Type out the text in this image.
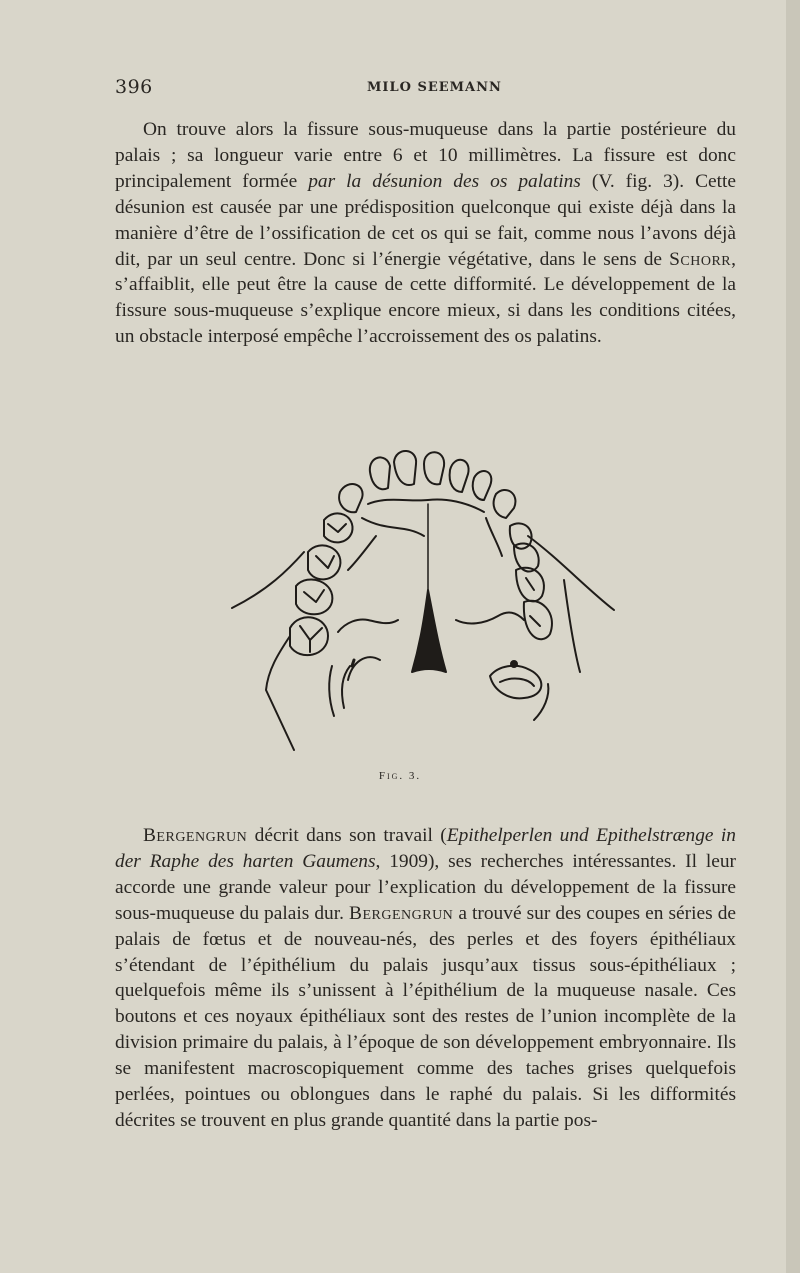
396	MILO SEEMANN

On trouve alors la fissure sous-muqueuse dans la partie postérieure du palais ; sa longueur varie entre 6 et 10 millimètres. La fissure est donc principalement formée par la désunion des os palatins (V. fig. 3). Cette désunion est causée par une prédisposition quelconque qui existe déjà dans la manière d’être de l’ossification de cet os qui se fait, comme nous l’avons déjà dit, par un seul centre. Donc si l’énergie végétative, dans le sens de Schorr, s’affaiblit, elle peut être la cause de cette difformité. Le développement de la fissure sous-muqueuse s’explique encore mieux, si dans les conditions citées, un obstacle interposé empêche l’accroissement des os palatins.

Fig. 3.

Bergengrun décrit dans son travail (Epithelperlen und Epithelstrænge in der Raphe des harten Gaumens, 1909), ses recherches intéressantes. Il leur accorde une grande valeur pour l’explication du développement de la fissure sous-muqueuse du palais dur. Bergengrun a trouvé sur des coupes en séries de palais de fœtus et de nouveau-nés, des perles et des foyers épithéliaux s’étendant de l’épithélium du palais jusqu’aux tissus sous-épithéliaux ; quelquefois même ils s’unissent à l’épithélium de la muqueuse nasale. Ces boutons et ces noyaux épithéliaux sont des restes de l’union incomplète de la division primaire du palais, à l’époque de son développement embryonnaire. Ils se manifestent macroscopiquement comme des taches grises quelquefois perlées, pointues ou oblongues dans le raphé du palais. Si les difformités décrites se trouvent en plus grande quantité dans la partie pos-
